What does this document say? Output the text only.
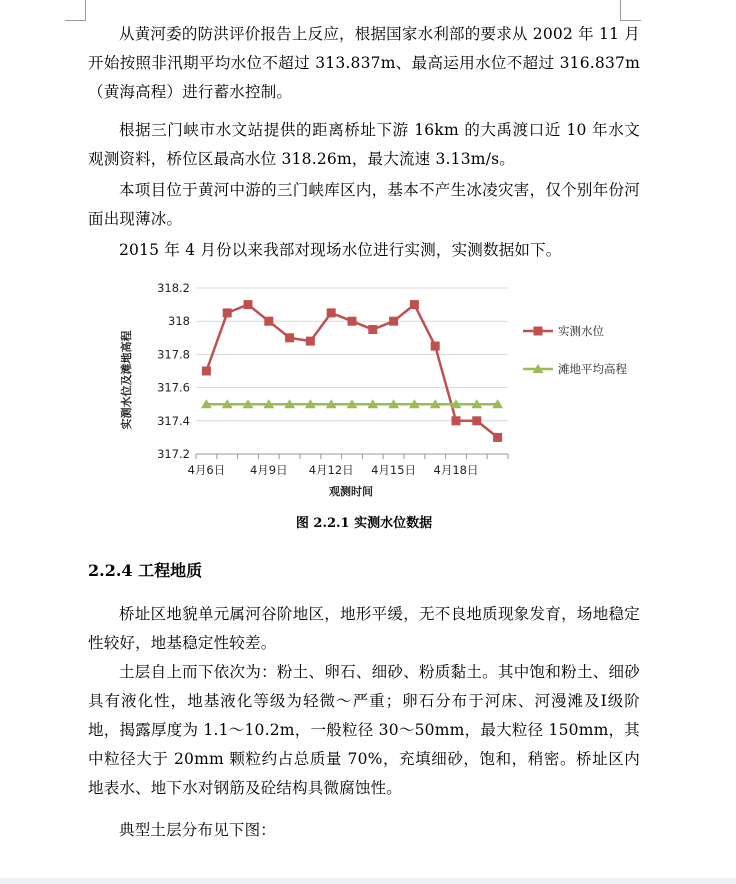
从黄河委的防洪评价报告上反应，根据国家水利部的要求从 2002 年 11 月开始按照非汛期平均水位不超过 313.837m、最高运用水位不超过 316.837m（黄海高程）进行蓄水控制。

根据三门峡市水文站提供的距离桥址下游 16km 的大禹渡口近 10 年水文观测资料，桥位区最高水位 318.26m，最大流速 3.13m/s。

本项目位于黄河中游的三门峡库区内，基本不产生冰凌灾害，仅个别年份河面出现薄冰。

2015 年 4 月份以来我部对现场水位进行实测，实测数据如下。

317.2
317.4
317.6
317.8
318
318.2
4月6日 4月9日 4月12日 4月15日 4月18日
实测水位
滩地平均高程
观测时间
实测水位及滩地高程
图 2.2.1 实测水位数据
2.2.4 工程地质

桥址区地貌单元属河谷阶地区，地形平缓，无不良地质现象发育，场地稳定性较好，地基稳定性较差。

土层自上而下依次为：粉土、卵石、细砂、粉质黏土。其中饱和粉土、细砂具有液化性，地基液化等级为轻微～严重；卵石分布于河床、河漫滩及Ⅰ级阶地，揭露厚度为 1.1～10.2m，一般粒径 30～50mm，最大粒径 150mm，其中粒径大于 20mm 颗粒约占总质量 70%，充填细砂，饱和，稍密。桥址区内地表水、地下水对钢筋及砼结构具微腐蚀性。

典型土层分布见下图：
